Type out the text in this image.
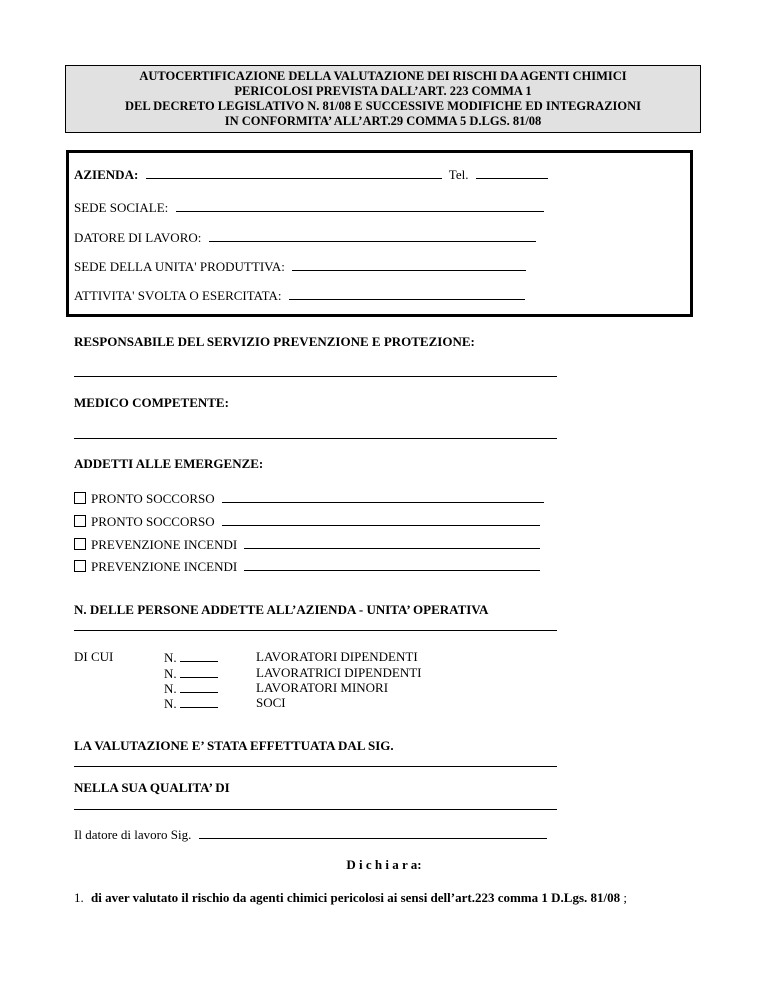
AUTOCERTIFICAZIONE DELLA VALUTAZIONE DEI RISCHI DA AGENTI CHIMICI
PERICOLOSI PREVISTA DALL’ART. 223 COMMA 1
DEL DECRETO LEGISLATIVO N. 81/08 E SUCCESSIVE MODIFICHE ED INTEGRAZIONI
IN CONFORMITA’ ALL’ART.29 COMMA 5 D.LGS. 81/08
AZIENDA:	Tel.
SEDE SOCIALE:
DATORE DI LAVORO:
SEDE DELLA UNITA' PRODUTTIVA:
ATTIVITA' SVOLTA O ESERCITATA:
RESPONSABILE DEL SERVIZIO PREVENZIONE E PROTEZIONE:
MEDICO COMPETENTE:
ADDETTI ALLE EMERGENZE:
PRONTO SOCCORSO
PRONTO SOCCORSO
PREVENZIONE INCENDI
PREVENZIONE INCENDI
N. DELLE PERSONE ADDETTE ALL’AZIENDA - UNITA’ OPERATIVA
DI CUI	N.
N.
N.
N.
LAVORATORI DIPENDENTI
LAVORATRICI DIPENDENTI
LAVORATORI MINORI
SOCI
LA VALUTAZIONE E’ STATA EFFETTUATA DAL SIG.
NELLA SUA QUALITA’ DI
Il datore di lavoro Sig.
D i c h i a r a:
1. di aver valutato il rischio da agenti chimici pericolosi ai sensi dell’art.223 comma 1 D.Lgs. 81/08 ;
